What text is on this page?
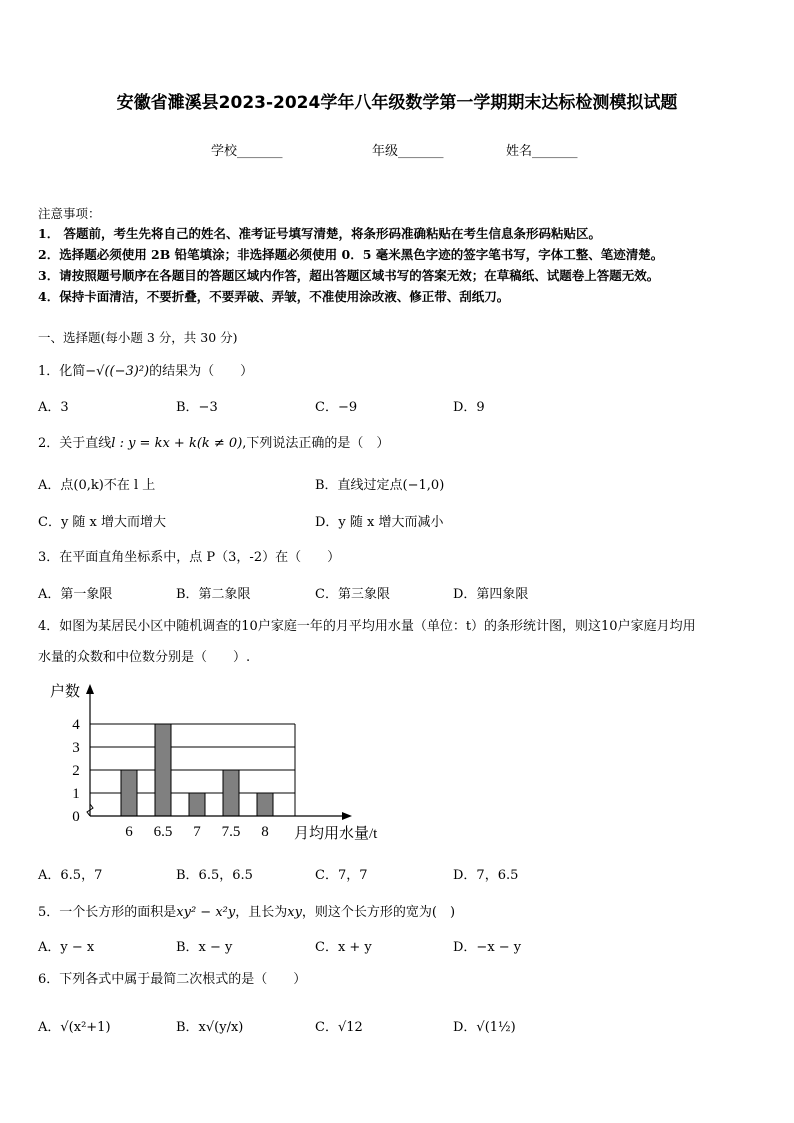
安徽省濉溪县2023-2024学年八年级数学第一学期期末达标检测模拟试题
学校_______	年级_______	姓名_______
注意事项：
1． 答题前，考生先将自己的姓名、准考证号填写清楚，将条形码准确粘贴在考生信息条形码粘贴区。
2．选择题必须使用 2B 铅笔填涂；非选择题必须使用 0．5 毫米黑色字迹的签字笔书写，字体工整、笔迹清楚。
3．请按照题号顺序在各题目的答题区域内作答，超出答题区域书写的答案无效；在草稿纸、试题卷上答题无效。
4．保持卡面清洁，不要折叠，不要弄破、弄皱，不准使用涂改液、修正带、刮纸刀。
一、选择题(每小题 3 分，共 30 分)
1．化简−√((−3)²)的结果为（　　）
A．3	B．−3	C．−9	D．9
2．关于直线l : y = kx + k(k ≠ 0),下列说法正确的是（　）
A．点(0,k)不在 l 上	B．直线过定点(−1,0)
C．y 随 x 增大而增大	D．y 随 x 增大而减小
3．在平面直角坐标系中，点 P（3，-2）在（　　）
A．第一象限	B．第二象限	C．第三象限	D．第四象限
4．如图为某居民小区中随机调查的10户家庭一年的月平均用水量（单位：t）的条形统计图，则这10户家庭月均用
水量的众数和中位数分别是（　　）.
0
1
2
3
4
6 6.5 7 7.5 8
户数
月均用水量/t
A．6.5，7	B．6.5，6.5	C．7，7	D．7，6.5
5．一个长方形的面积是xy² − x²y，且长为xy，则这个长方形的宽为(　)
A．y − x	B．x − y	C．x + y	D．−x − y
6．下列各式中属于最简二次根式的是（　　）
A．√(x²+1)	B．x√(y/x)	C．√12	D．√(1½)
